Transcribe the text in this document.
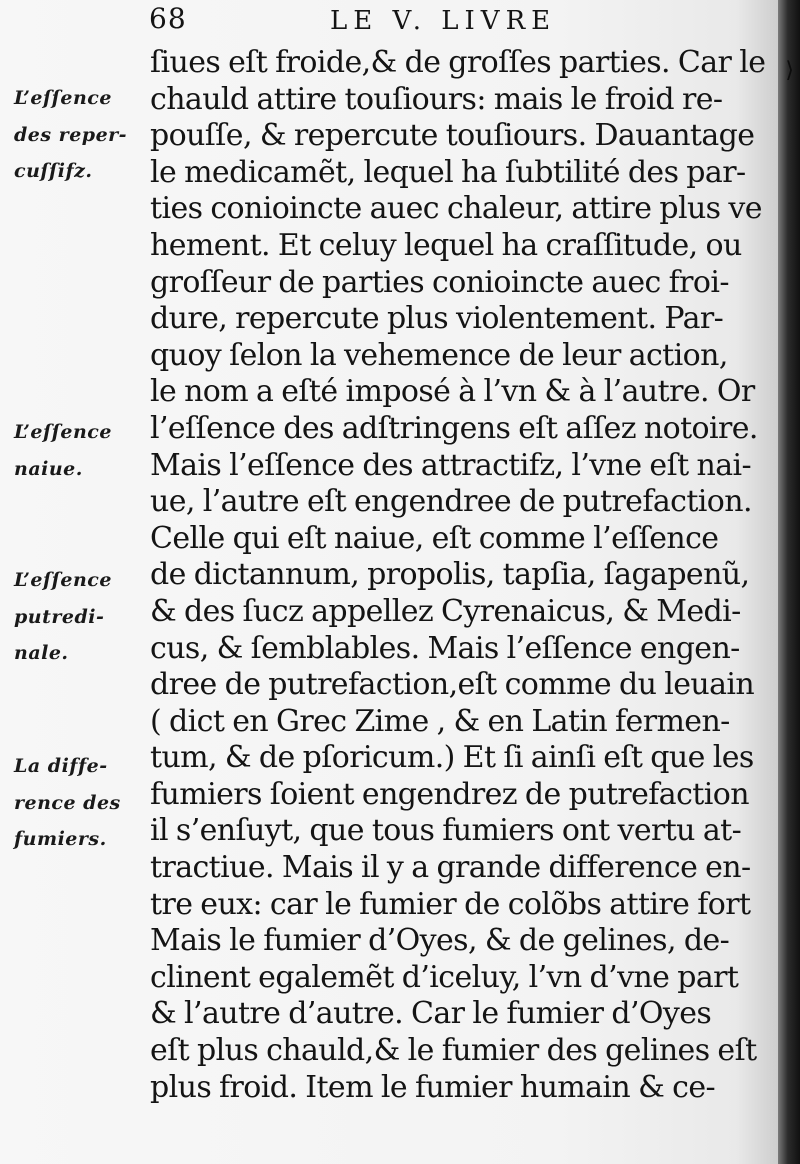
⟩
68	LE V. LIVRE
ſiues eſt froide,& de groſſes parties. Car le
chauld attire touſiours: mais le froid re-
pouſſe, & repercute touſiours. Dauantage
le medicamẽt, lequel ha ſubtilité des par-
ties conioincte auec chaleur, attire plus ve
hement. Et celuy lequel ha craſſitude, ou
groſſeur de parties conioincte auec froi-
dure, repercute plus violentement. Par-
quoy ſelon la vehemence de leur action,
le nom a eſté imposé à l’vn & à l’autre. Or
l’eſſence des adſtringens eſt aſſez notoire.
Mais l’eſſence des attractifz, l’vne eſt nai-
ue, l’autre eſt engendree de putrefaction.
Celle qui eſt naiue, eſt comme l’eſſence
de dictannum, propolis, tapſia, ſagapenũ,
& des ſucz appellez Cyrenaicus, & Medi-
cus, & ſemblables. Mais l’eſſence engen-
dree de putrefaction,eſt comme du leuain
( dict en Grec Zime , & en Latin fermen-
tum, & de pſoricum.) Et ſi ainſi eſt que les
fumiers ſoient engendrez de putrefaction
il s’enſuyt, que tous fumiers ont vertu at-
tractiue. Mais il y a grande difference en-
tre eux: car le fumier de colõbs attire fort
Mais le fumier d’Oyes, & de gelines, de-
clinent egalemẽt d’iceluy, l’vn d’vne part
& l’autre d’autre. Car le fumier d’Oyes
eſt plus chauld,& le fumier des gelines eſt
plus froid. Item le fumier humain & ce-
L’eſſence
des reper-
cuſſifz.
L’eſſence
naiue.
L’eſſence
putredi-
nale.
La diffe-
rence des
fumiers.
